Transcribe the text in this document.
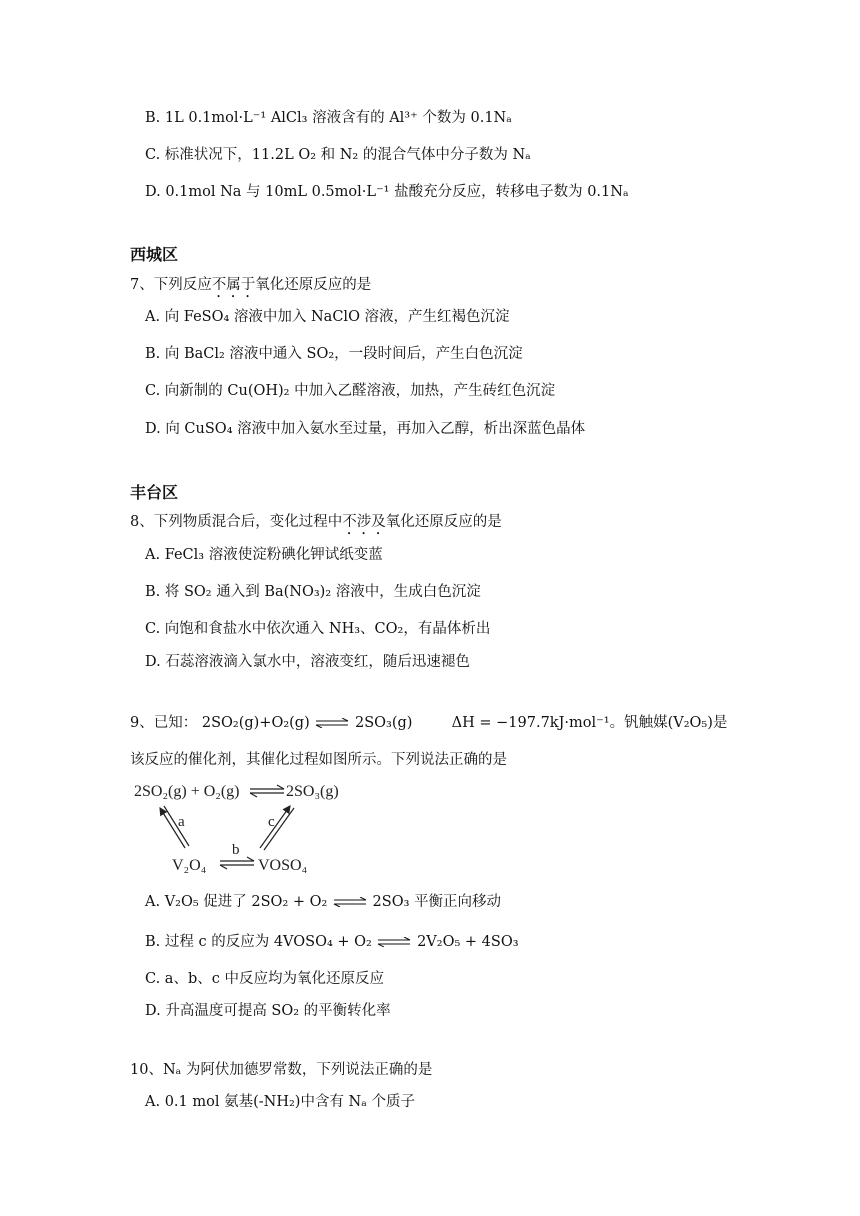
B. 1L 0.1mol·L⁻¹ AlCl₃ 溶液含有的 Al³⁺ 个数为 0.1Nₐ
C. 标准状况下，11.2L O₂ 和 N₂ 的混合气体中分子数为 Nₐ
D. 0.1mol Na 与 10mL 0.5mol·L⁻¹ 盐酸充分反应，转移电子数为 0.1Nₐ
西城区
7、下列反应不属于氧化还原反应的是
A. 向 FeSO₄ 溶液中加入 NaClO 溶液，产生红褐色沉淀
B. 向 BaCl₂ 溶液中通入 SO₂，一段时间后，产生白色沉淀
C. 向新制的 Cu(OH)₂ 中加入乙醛溶液，加热，产生砖红色沉淀
D. 向 CuSO₄ 溶液中加入氨水至过量，再加入乙醇，析出深蓝色晶体
丰台区
8、下列物质混合后，变化过程中不涉及氧化还原反应的是
A. FeCl₃ 溶液使淀粉碘化钾试纸变蓝
B. 将 SO₂ 通入到 Ba(NO₃)₂ 溶液中，生成白色沉淀
C. 向饱和食盐水中依次通入 NH₃、CO₂，有晶体析出
D. 石蕊溶液滴入氯水中，溶液变红，随后迅速褪色
9、已知： 2SO₂(g)+O₂(g) ⇌ 2SO₃(g)	ΔH = −197.7kJ·mol⁻¹。钒触媒(V₂O₅)是
该反应的催化剂，其催化过程如图所示。下列说法正确的是
2SO₂(g) + O₂(g)	2SO₃(g)
a	c
V₂O₄
b
VOSO₄
A. V₂O₅ 促进了 2SO₂ + O₂ ⇌ 2SO₃ 平衡正向移动
B. 过程 c 的反应为 4VOSO₄ + O₂ ⇌ 2V₂O₅ + 4SO₃
C. a、b、c 中反应均为氧化还原反应
D. 升高温度可提高 SO₂ 的平衡转化率
10、Nₐ 为阿伏加德罗常数，下列说法正确的是
A. 0.1 mol 氨基(-NH₂)中含有 Nₐ 个质子
